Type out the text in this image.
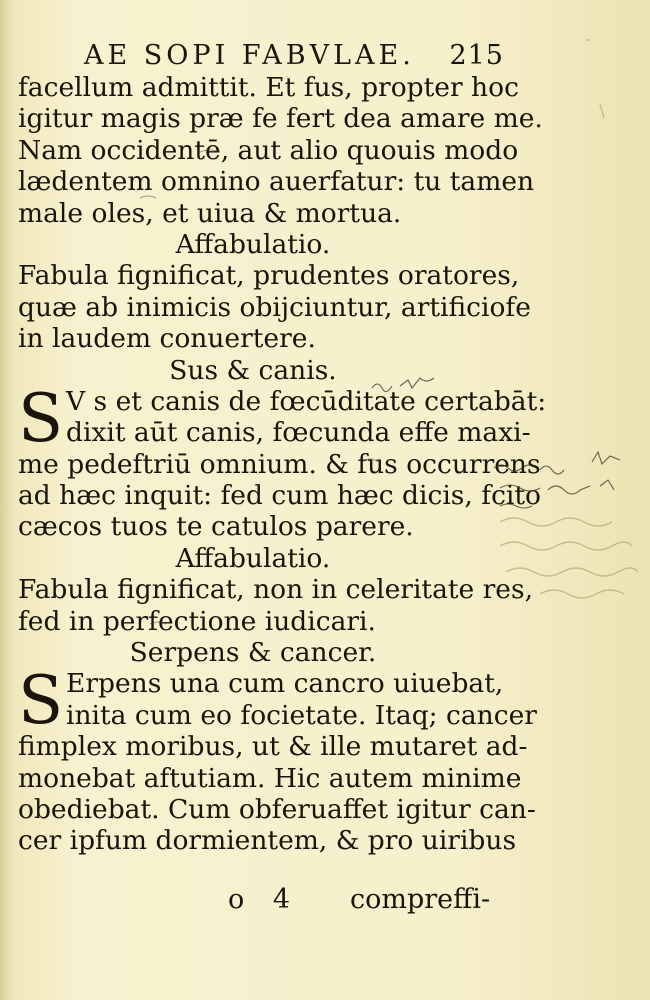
AE SOPI FABVLAE. 215
facellum admittit. Et fus, propter hoc
igitur magis præ fe fert dea amare me.
Nam occidentē, aut alio quouis modo
lædentem omnino auerfatur: tu tamen
male oles, et uiua & mortua.
Affabulatio.
Fabula fignificat, prudentes oratores,
quæ ab inimicis obijciuntur, artificiofe
in laudem conuertere.
Sus & canis.
S V s et canis de fœcūditate certabāt:
dixit aūt canis, fœcunda effe maxi-
me pedeftriū omnium. & fus occurrens
ad hæc inquit: fed cum hæc dicis, fcito
cæcos tuos te catulos parere.
Affabulatio.
Fabula fignificat, non in celeritate res,
fed in perfectione iudicari.
Serpens & cancer.
S Erpens una cum cancro uiuebat,
inita cum eo focietate. Itaq; cancer
fimplex moribus, ut & ille mutaret ad-
monebat aftutiam. Hic autem minime
obediebat. Cum obferuaffet igitur can-
cer ipfum dormientem, & pro uiribus
o 4 compreffi-
